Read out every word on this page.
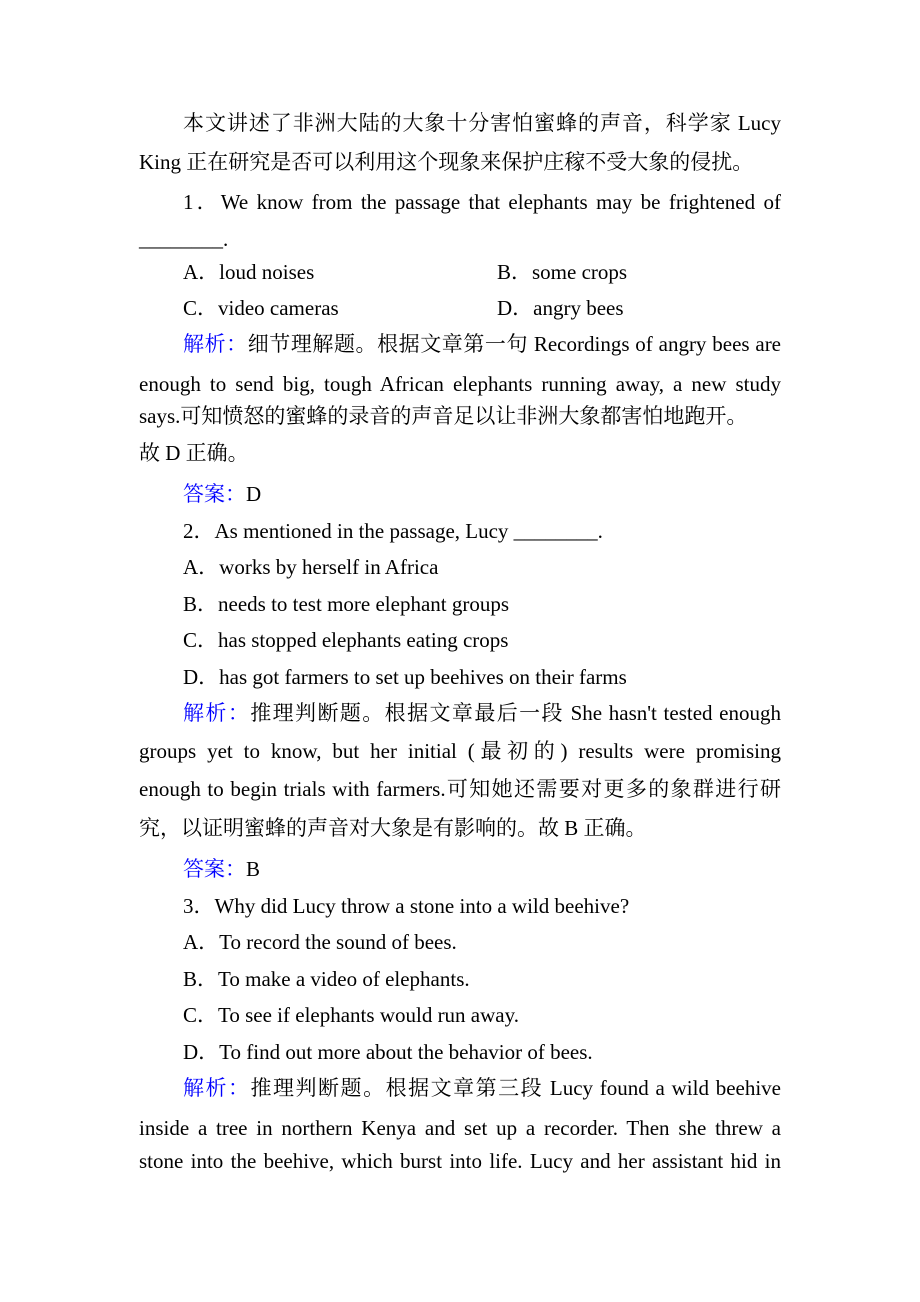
本文讲述了非洲大陆的大象十分害怕蜜蜂的声音，科学家 Lucy
King 正在研究是否可以利用这个现象来保护庄稼不受大象的侵扰。
1．We know from the passage that elephants may be frightened of
________.
A．loud noises	B．some crops
C．video cameras	D．angry bees
解析：细节理解题。根据文章第一句 Recordings of angry bees are
enough to send big, tough African elephants running away, a new study
says.可知愤怒的蜜蜂的录音的声音足以让非洲大象都害怕地跑开。
故 D 正确。
答案：D
2．As mentioned in the passage, Lucy ________.
A．works by herself in Africa
B．needs to test more elephant groups
C．has stopped elephants eating crops
D．has got farmers to set up beehives on their farms
解析：推理判断题。根据文章最后一段 She hasn't tested enough
groups yet to know, but her initial (最初的) results were promising
enough to begin trials with farmers.可知她还需要对更多的象群进行研
究，以证明蜜蜂的声音对大象是有影响的。故 B 正确。
答案：B
3．Why did Lucy throw a stone into a wild beehive?
A．To record the sound of bees.
B．To make a video of elephants.
C．To see if elephants would run away.
D．To find out more about the behavior of bees.
解析：推理判断题。根据文章第三段 Lucy found a wild beehive
inside a tree in northern Kenya and set up a recorder. Then she threw a
stone into the beehive, which burst into life. Lucy and her assistant hid in
